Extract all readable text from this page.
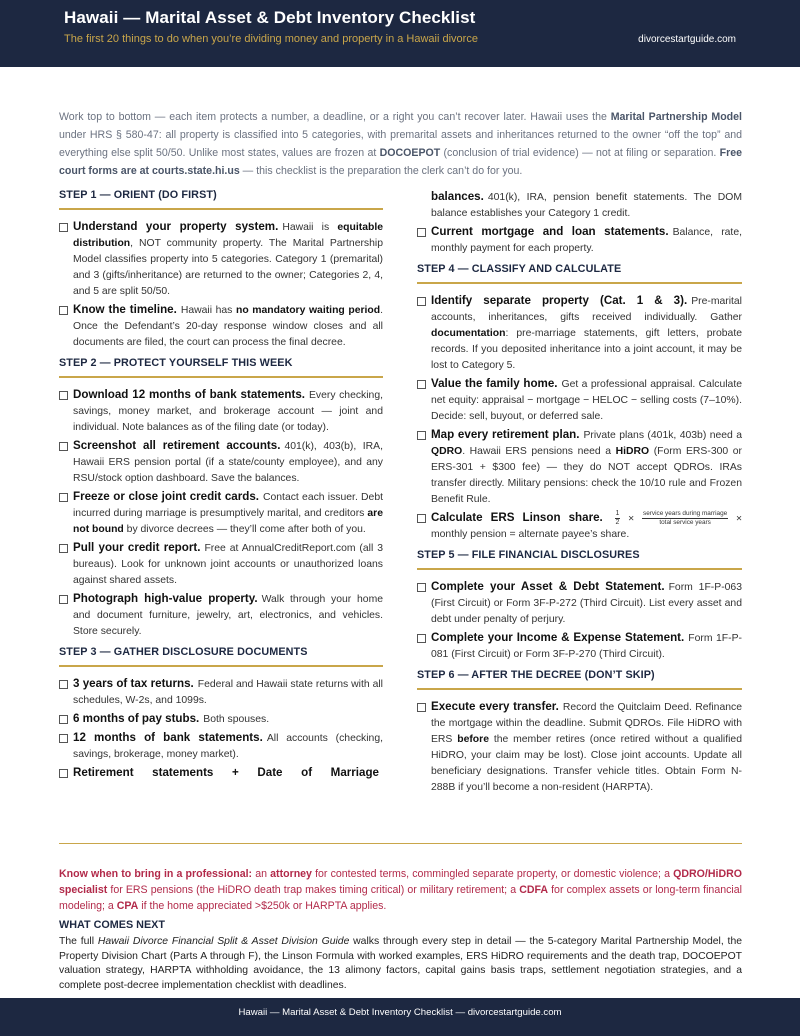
Hawaii — Marital Asset & Debt Inventory Checklist
The first 20 things to do when you’re dividing money and property in a Hawaii divorce	divorcestartguide.com
Work top to bottom — each item protects a number, a deadline, or a right you can’t recover later. Hawaii uses the Marital Partnership Model under HRS § 580-47: all property is classified into 5 categories, with premarital assets and inheritances returned to the owner “off the top” and everything else split 50/50. Unlike most states, values are frozen at DOCOEPOT (conclusion of trial evidence) — not at filing or separation. Free court forms are at courts.state.hi.us — this checklist is the preparation the clerk can’t do for you.
STEP 1 — ORIENT (DO FIRST)
Understand your property system. Hawaii is equitable distribution, NOT community property. The Marital Partnership Model classifies property into 5 categories. Category 1 (premarital) and 3 (gifts/inheritance) are returned to the owner; Categories 2, 4, and 5 are split 50/50.
Know the timeline. Hawaii has no mandatory waiting period. Once the Defendant’s 20-day response window closes and all documents are filed, the court can process the final decree.
STEP 2 — PROTECT YOURSELF THIS WEEK
Download 12 months of bank statements. Every checking, savings, money market, and brokerage account — joint and individual. Note balances as of the filing date (or today).
Screenshot all retirement accounts. 401(k), 403(b), IRA, Hawaii ERS pension portal (if a state/county employee), and any RSU/stock option dashboard. Save the balances.
Freeze or close joint credit cards. Contact each issuer. Debt incurred during marriage is presumptively marital, and creditors are not bound by divorce decrees — they’ll come after both of you.
Pull your credit report. Free at AnnualCreditReport.com (all 3 bureaus). Look for unknown joint accounts or unauthorized loans against shared assets.
Photograph high-value property. Walk through your home and document furniture, jewelry, art, electronics, and vehicles. Store securely.
STEP 3 — GATHER DISCLOSURE DOCUMENTS
3 years of tax returns. Federal and Hawaii state returns with all schedules, W-2s, and 1099s.
6 months of pay stubs. Both spouses.
12 months of bank statements. All accounts (checking, savings, brokerage, money market).
Retirement statements + Date of Marriage
balances. 401(k), IRA, pension benefit statements. The DOM balance establishes your Category 1 credit.
Current mortgage and loan statements. Balance, rate, monthly payment for each property.
STEP 4 — CLASSIFY AND CALCULATE
Identify separate property (Cat. 1 & 3). Pre-marital accounts, inheritances, gifts received individually. Gather documentation: pre-marriage statements, gift letters, probate records. If you deposited inheritance into a joint account, it may be lost to Category 5.
Value the family home. Get a professional appraisal. Calculate net equity: appraisal − mortgage − HELOC − selling costs (7–10%). Decide: sell, buyout, or deferred sale.
Map every retirement plan. Private plans (401k, 403b) need a QDRO. Hawaii ERS pensions need a HiDRO (Form ERS-300 or ERS-301 + $300 fee) — they do NOT accept QDROs. IRAs transfer directly. Military pensions: check the 10/10 rule and Frozen Benefit Rule.
Calculate ERS Linson share. $\frac{1}{2} \times \frac{\text{service years during marriage}}{\text{total service years}}$ × monthly pension = alternate payee’s share.
STEP 5 — FILE FINANCIAL DISCLOSURES
Complete your Asset & Debt Statement. Form 1F-P-063 (First Circuit) or Form 3F-P-272 (Third Circuit). List every asset and debt under penalty of perjury.
Complete your Income & Expense Statement. Form 1F-P-081 (First Circuit) or Form 3F-P-270 (Third Circuit).
STEP 6 — AFTER THE DECREE (DON’T SKIP)
Execute every transfer. Record the Quitclaim Deed. Refinance the mortgage within the deadline. Submit QDROs. File HiDRO with ERS before the member retires (once retired without a qualified HiDRO, your claim may be lost). Close joint accounts. Update all beneficiary designations. Transfer vehicle titles. Obtain Form N-288B if you’ll become a non-resident (HARPTA).
Know when to bring in a professional: an attorney for contested terms, commingled separate property, or domestic violence; a QDRO/HiDRO specialist for ERS pensions (the HiDRO death trap makes timing critical) or military retirement; a CDFA for complex assets or long-term financial modeling; a CPA if the home appreciated >$250k or HARPTA applies.
WHAT COMES NEXT
The full Hawaii Divorce Financial Split & Asset Division Guide walks through every step in detail — the 5-category Marital Partnership Model, the Property Division Chart (Parts A through F), the Linson Formula with worked examples, ERS HiDRO requirements and the death trap, DOCOEPOT valuation strategy, HARPTA withholding avoidance, the 13 alimony factors, capital gains basis traps, settlement negotiation strategies, and a complete post-decree implementation checklist with deadlines.
Hawaii — Marital Asset & Debt Inventory Checklist — divorcestartguide.com
